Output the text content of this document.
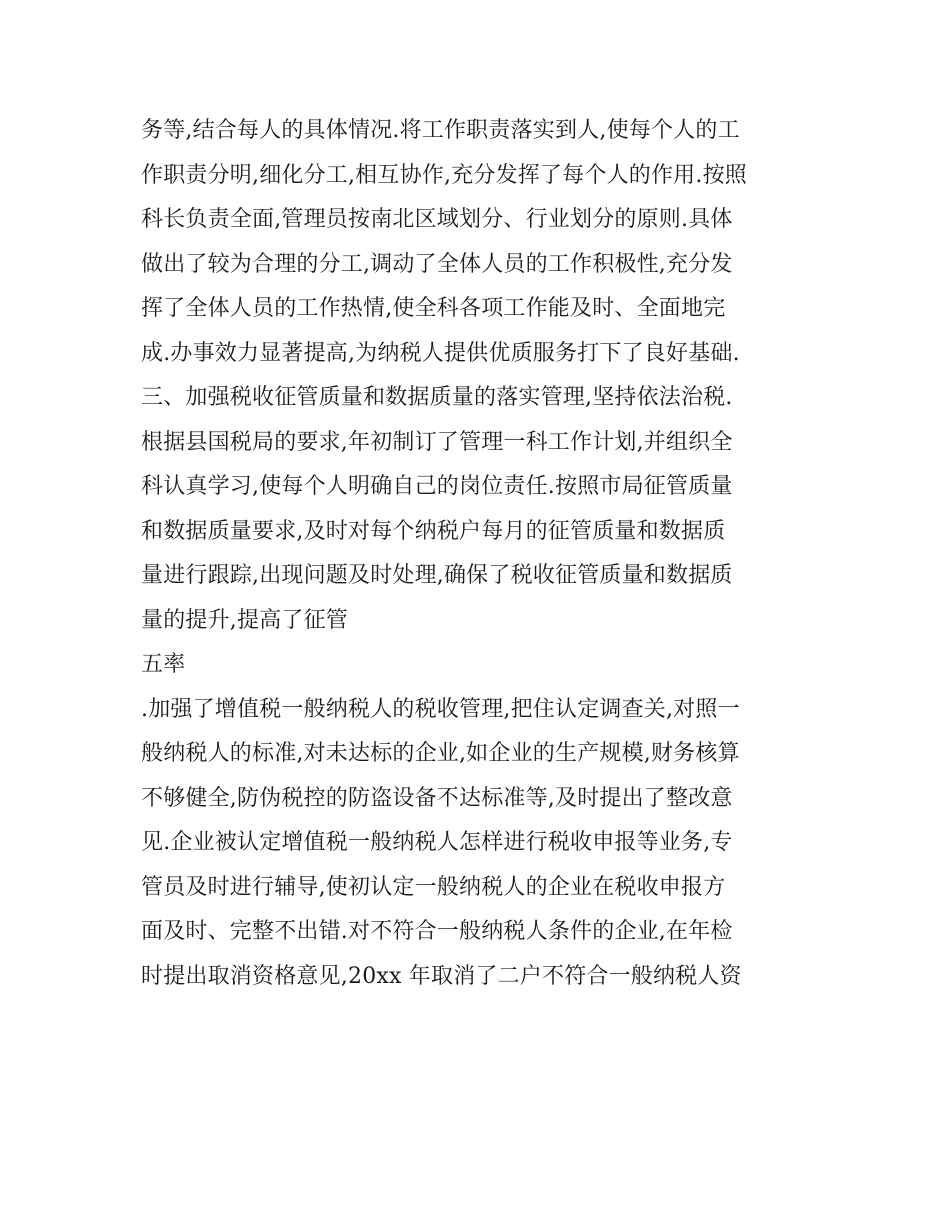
务等,结合每人的具体情况.将工作职责落实到人,使每个人的工
作职责分明,细化分工,相互协作,充分发挥了每个人的作用.按照
科长负责全面,管理员按南北区域划分、行业划分的原则.具体
做出了较为合理的分工,调动了全体人员的工作积极性,充分发
挥了全体人员的工作热情,使全科各项工作能及时、全面地完
成.办事效力显著提高,为纳税人提供优质服务打下了良好基础.
三、加强税收征管质量和数据质量的落实管理,坚持依法治税.
根据县国税局的要求,年初制订了管理一科工作计划,并组织全
科认真学习,使每个人明确自己的岗位责任.按照市局征管质量
和数据质量要求,及时对每个纳税户每月的征管质量和数据质
量进行跟踪,出现问题及时处理,确保了税收征管质量和数据质
量的提升,提高了征管
五率
.加强了增值税一般纳税人的税收管理,把住认定调查关,对照一
般纳税人的标准,对未达标的企业,如企业的生产规模,财务核算
不够健全,防伪税控的防盗设备不达标准等,及时提出了整改意
见.企业被认定增值税一般纳税人怎样进行税收申报等业务,专
管员及时进行辅导,使初认定一般纳税人的企业在税收申报方
面及时、完整不出错.对不符合一般纳税人条件的企业,在年检
时提出取消资格意见,20xx 年取消了二户不符合一般纳税人资
